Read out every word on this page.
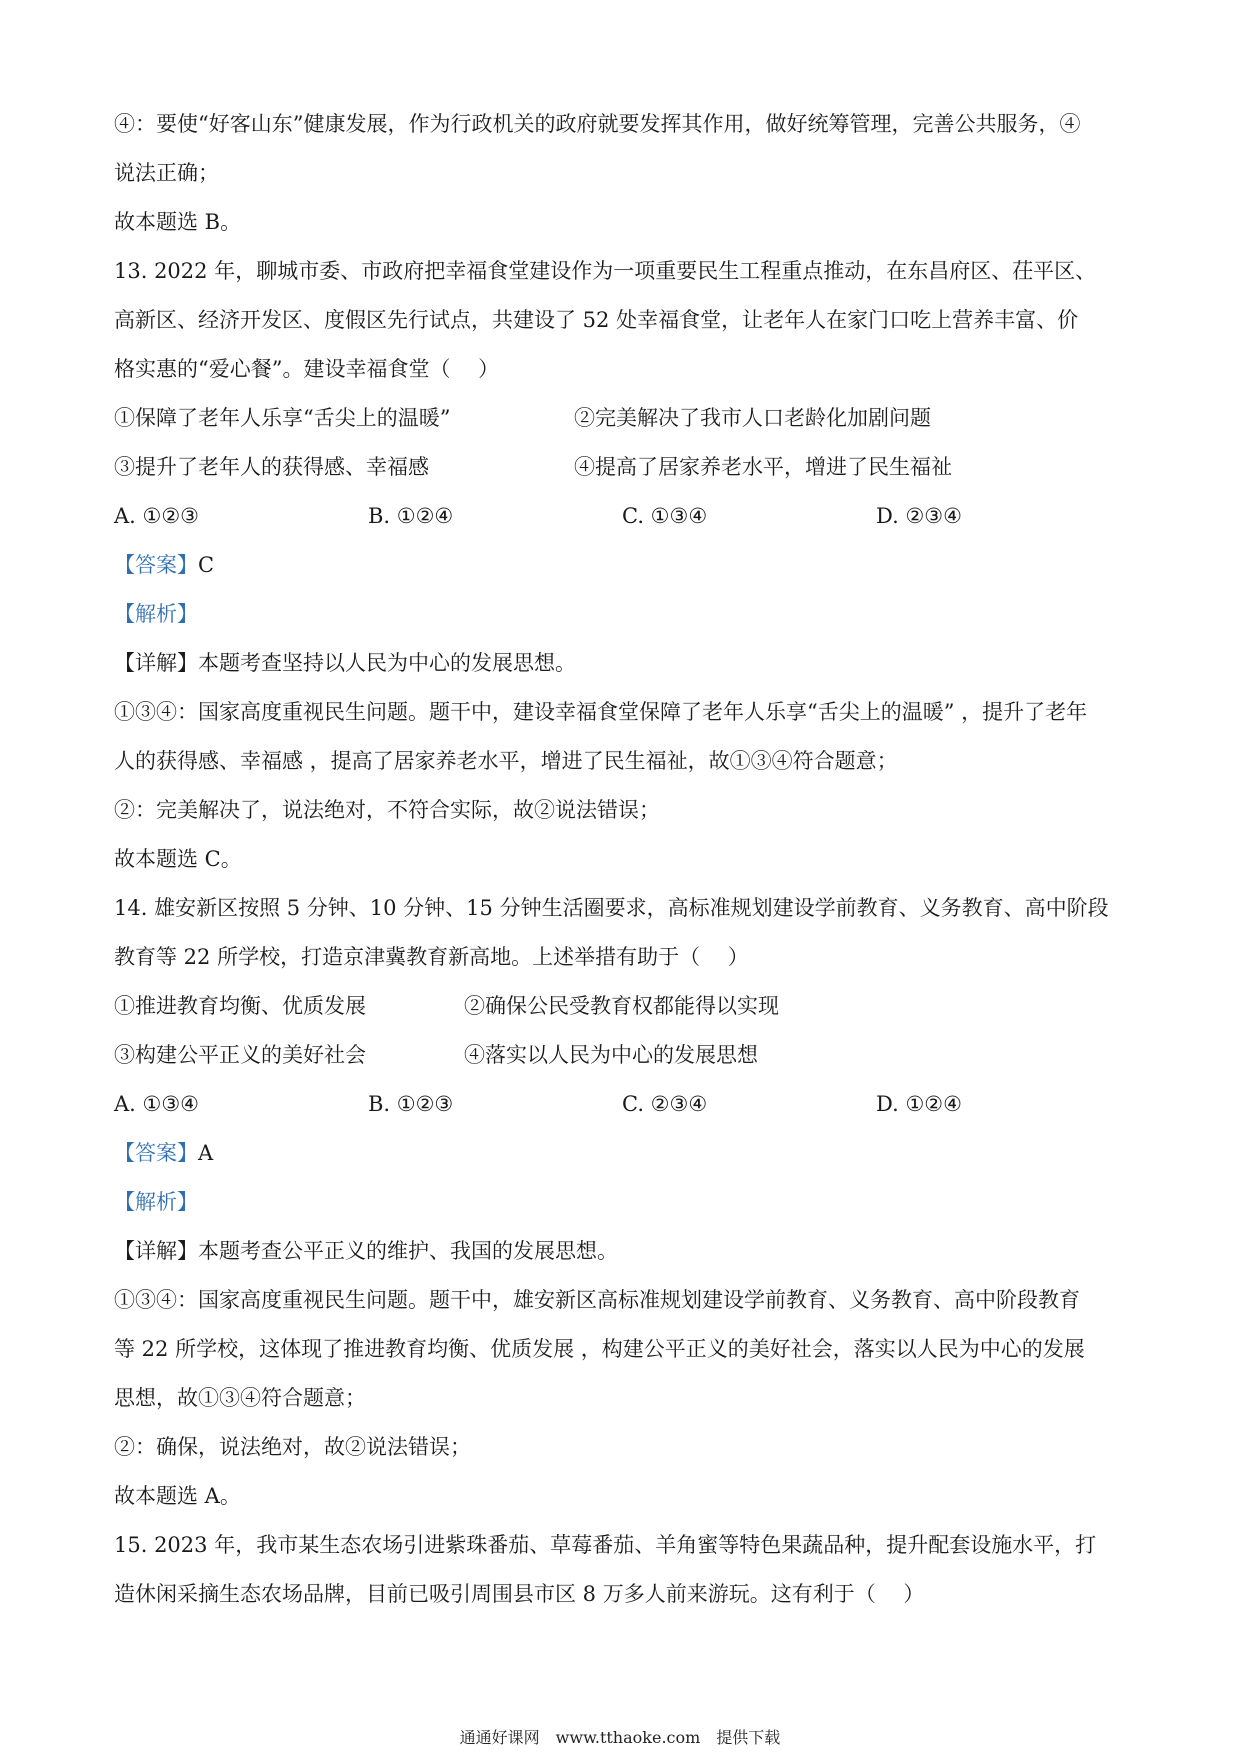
④：要使“好客山东”健康发展，作为行政机关的政府就要发挥其作用，做好统筹管理，完善公共服务，④
说法正确；
故本题选 B。
13. 2022 年，聊城市委、市政府把幸福食堂建设作为一项重要民生工程重点推动，在东昌府区、茌平区、
高新区、经济开发区、度假区先行试点，共建设了 52 处幸福食堂，让老年人在家门口吃上营养丰富、价
格实惠的“爱心餐”。建设幸福食堂（　 ）
①保障了老年人乐享“舌尖上的温暖”	②完美解决了我市人口老龄化加剧问题
③提升了老年人的获得感、幸福感	④提高了居家养老水平，增进了民生福祉
A. ①②③	B. ①②④	C. ①③④	D. ②③④
【答案】C
【解析】
【详解】本题考查坚持以人民为中心的发展思想。
①③④：国家高度重视民生问题。题干中，建设幸福食堂保障了老年人乐享“舌尖上的温暖” ，提升了老年
人的获得感、幸福感 ，提高了居家养老水平，增进了民生福祉，故①③④符合题意；
②：完美解决了，说法绝对，不符合实际，故②说法错误；
故本题选 C。
14. 雄安新区按照 5 分钟、10 分钟、15 分钟生活圈要求，高标准规划建设学前教育、义务教育、高中阶段
教育等 22 所学校，打造京津冀教育新高地。上述举措有助于（　 ）
①推进教育均衡、优质发展	②确保公民受教育权都能得以实现
③构建公平正义的美好社会	④落实以人民为中心的发展思想
A. ①③④	B. ①②③	C. ②③④	D. ①②④
【答案】A
【解析】
【详解】本题考查公平正义的维护、我国的发展思想。
①③④：国家高度重视民生问题。题干中，雄安新区高标准规划建设学前教育、义务教育、高中阶段教育
等 22 所学校，这体现了推进教育均衡、优质发展 ，构建公平正义的美好社会，落实以人民为中心的发展
思想，故①③④符合题意；
②：确保，说法绝对，故②说法错误；
故本题选 A。
15. 2023 年，我市某生态农场引进紫珠番茄、草莓番茄、羊角蜜等特色果蔬品种，提升配套设施水平，打
造休闲采摘生态农场品牌，目前已吸引周围县市区 8 万多人前来游玩。这有利于（　 ）
通通好课网　www.tthaoke.com　提供下载
